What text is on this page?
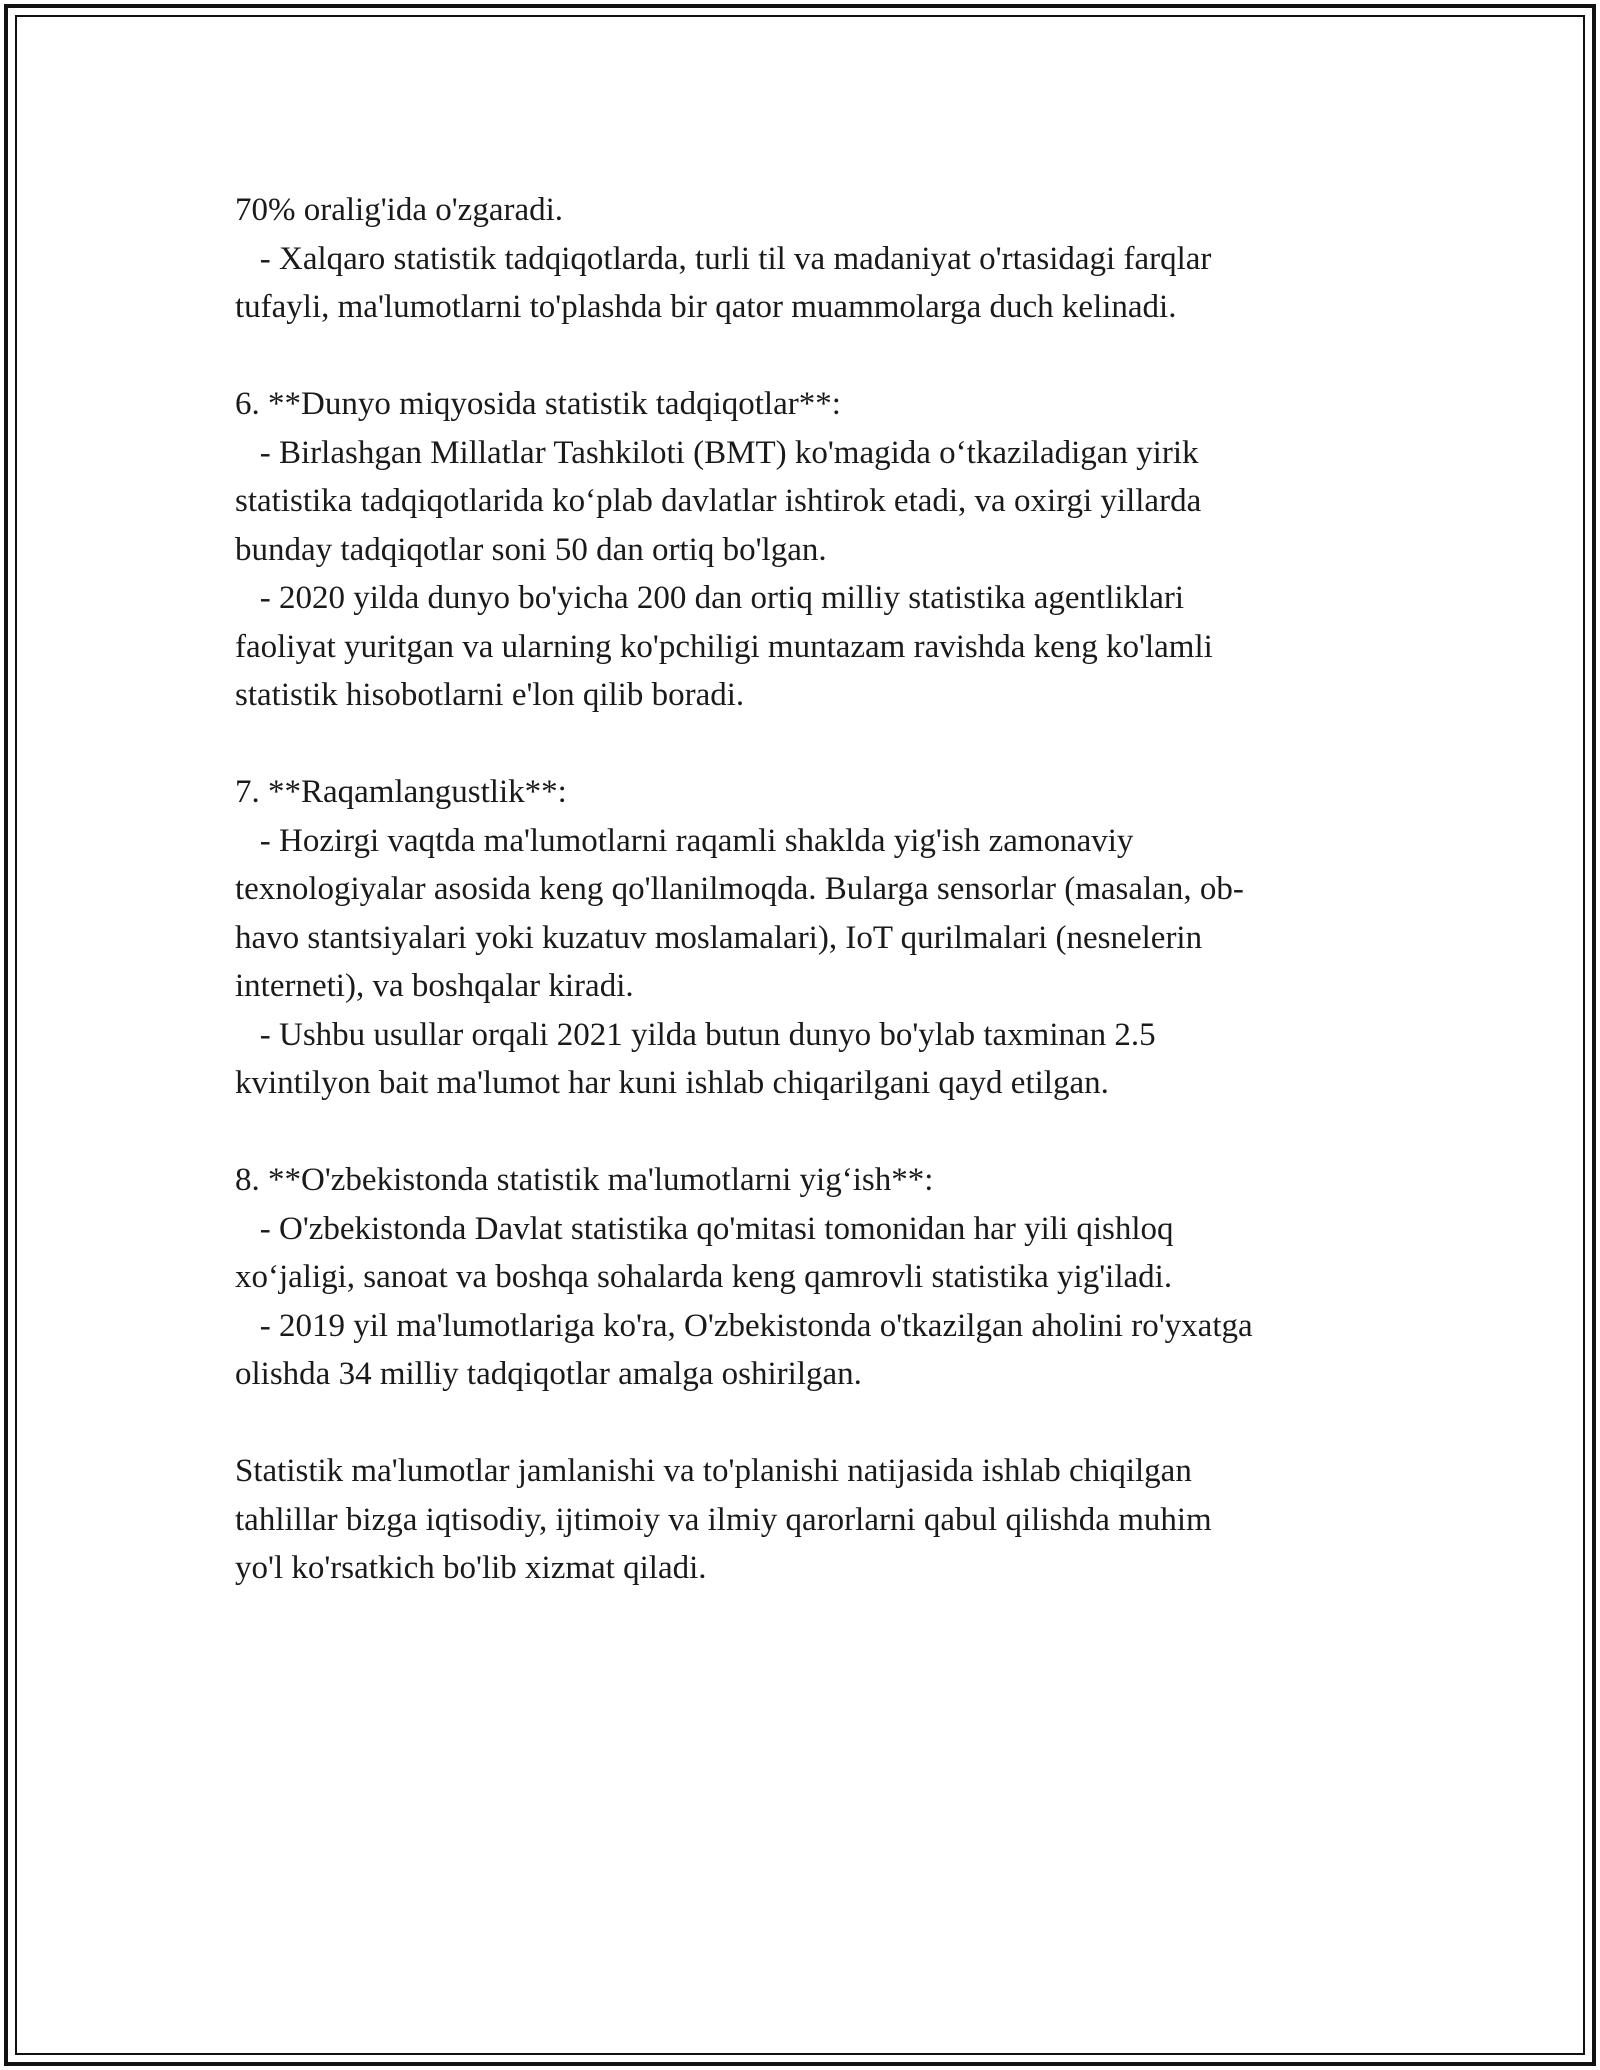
70% oralig'ida o'zgaradi.

- Xalqaro statistik tadqiqotlarda, turli til va madaniyat o'rtasidagi farqlar

tufayli, ma'lumotlarni to'plashda bir qator muammolarga duch kelinadi.

6. **Dunyo miqyosida statistik tadqiqotlar**:

- Birlashgan Millatlar Tashkiloti (BMT) ko'magida o‘tkaziladigan yirik

statistika tadqiqotlarida ko‘plab davlatlar ishtirok etadi, va oxirgi yillarda

bunday tadqiqotlar soni 50 dan ortiq bo'lgan.

- 2020 yilda dunyo bo'yicha 200 dan ortiq milliy statistika agentliklari

faoliyat yuritgan va ularning ko'pchiligi muntazam ravishda keng ko'lamli

statistik hisobotlarni e'lon qilib boradi.

7. **Raqamlangustlik**:

- Hozirgi vaqtda ma'lumotlarni raqamli shaklda yig'ish zamonaviy

texnologiyalar asosida keng qo'llanilmoqda. Bularga sensorlar (masalan, ob-

havo stantsiyalari yoki kuzatuv moslamalari), IoT qurilmalari (nesnelerin

interneti), va boshqalar kiradi.

- Ushbu usullar orqali 2021 yilda butun dunyo bo'ylab taxminan 2.5

kvintilyon bait ma'lumot har kuni ishlab chiqarilgani qayd etilgan.

8. **O'zbekistonda statistik ma'lumotlarni yig‘ish**:

- O'zbekistonda Davlat statistika qo'mitasi tomonidan har yili qishloq

xo‘jaligi, sanoat va boshqa sohalarda keng qamrovli statistika yig'iladi.

- 2019 yil ma'lumotlariga ko'ra, O'zbekistonda o'tkazilgan aholini ro'yxatga

olishda 34 milliy tadqiqotlar amalga oshirilgan.

Statistik ma'lumotlar jamlanishi va to'planishi natijasida ishlab chiqilgan

tahlillar bizga iqtisodiy, ijtimoiy va ilmiy qarorlarni qabul qilishda muhim

yo'l ko'rsatkich bo'lib xizmat qiladi.
